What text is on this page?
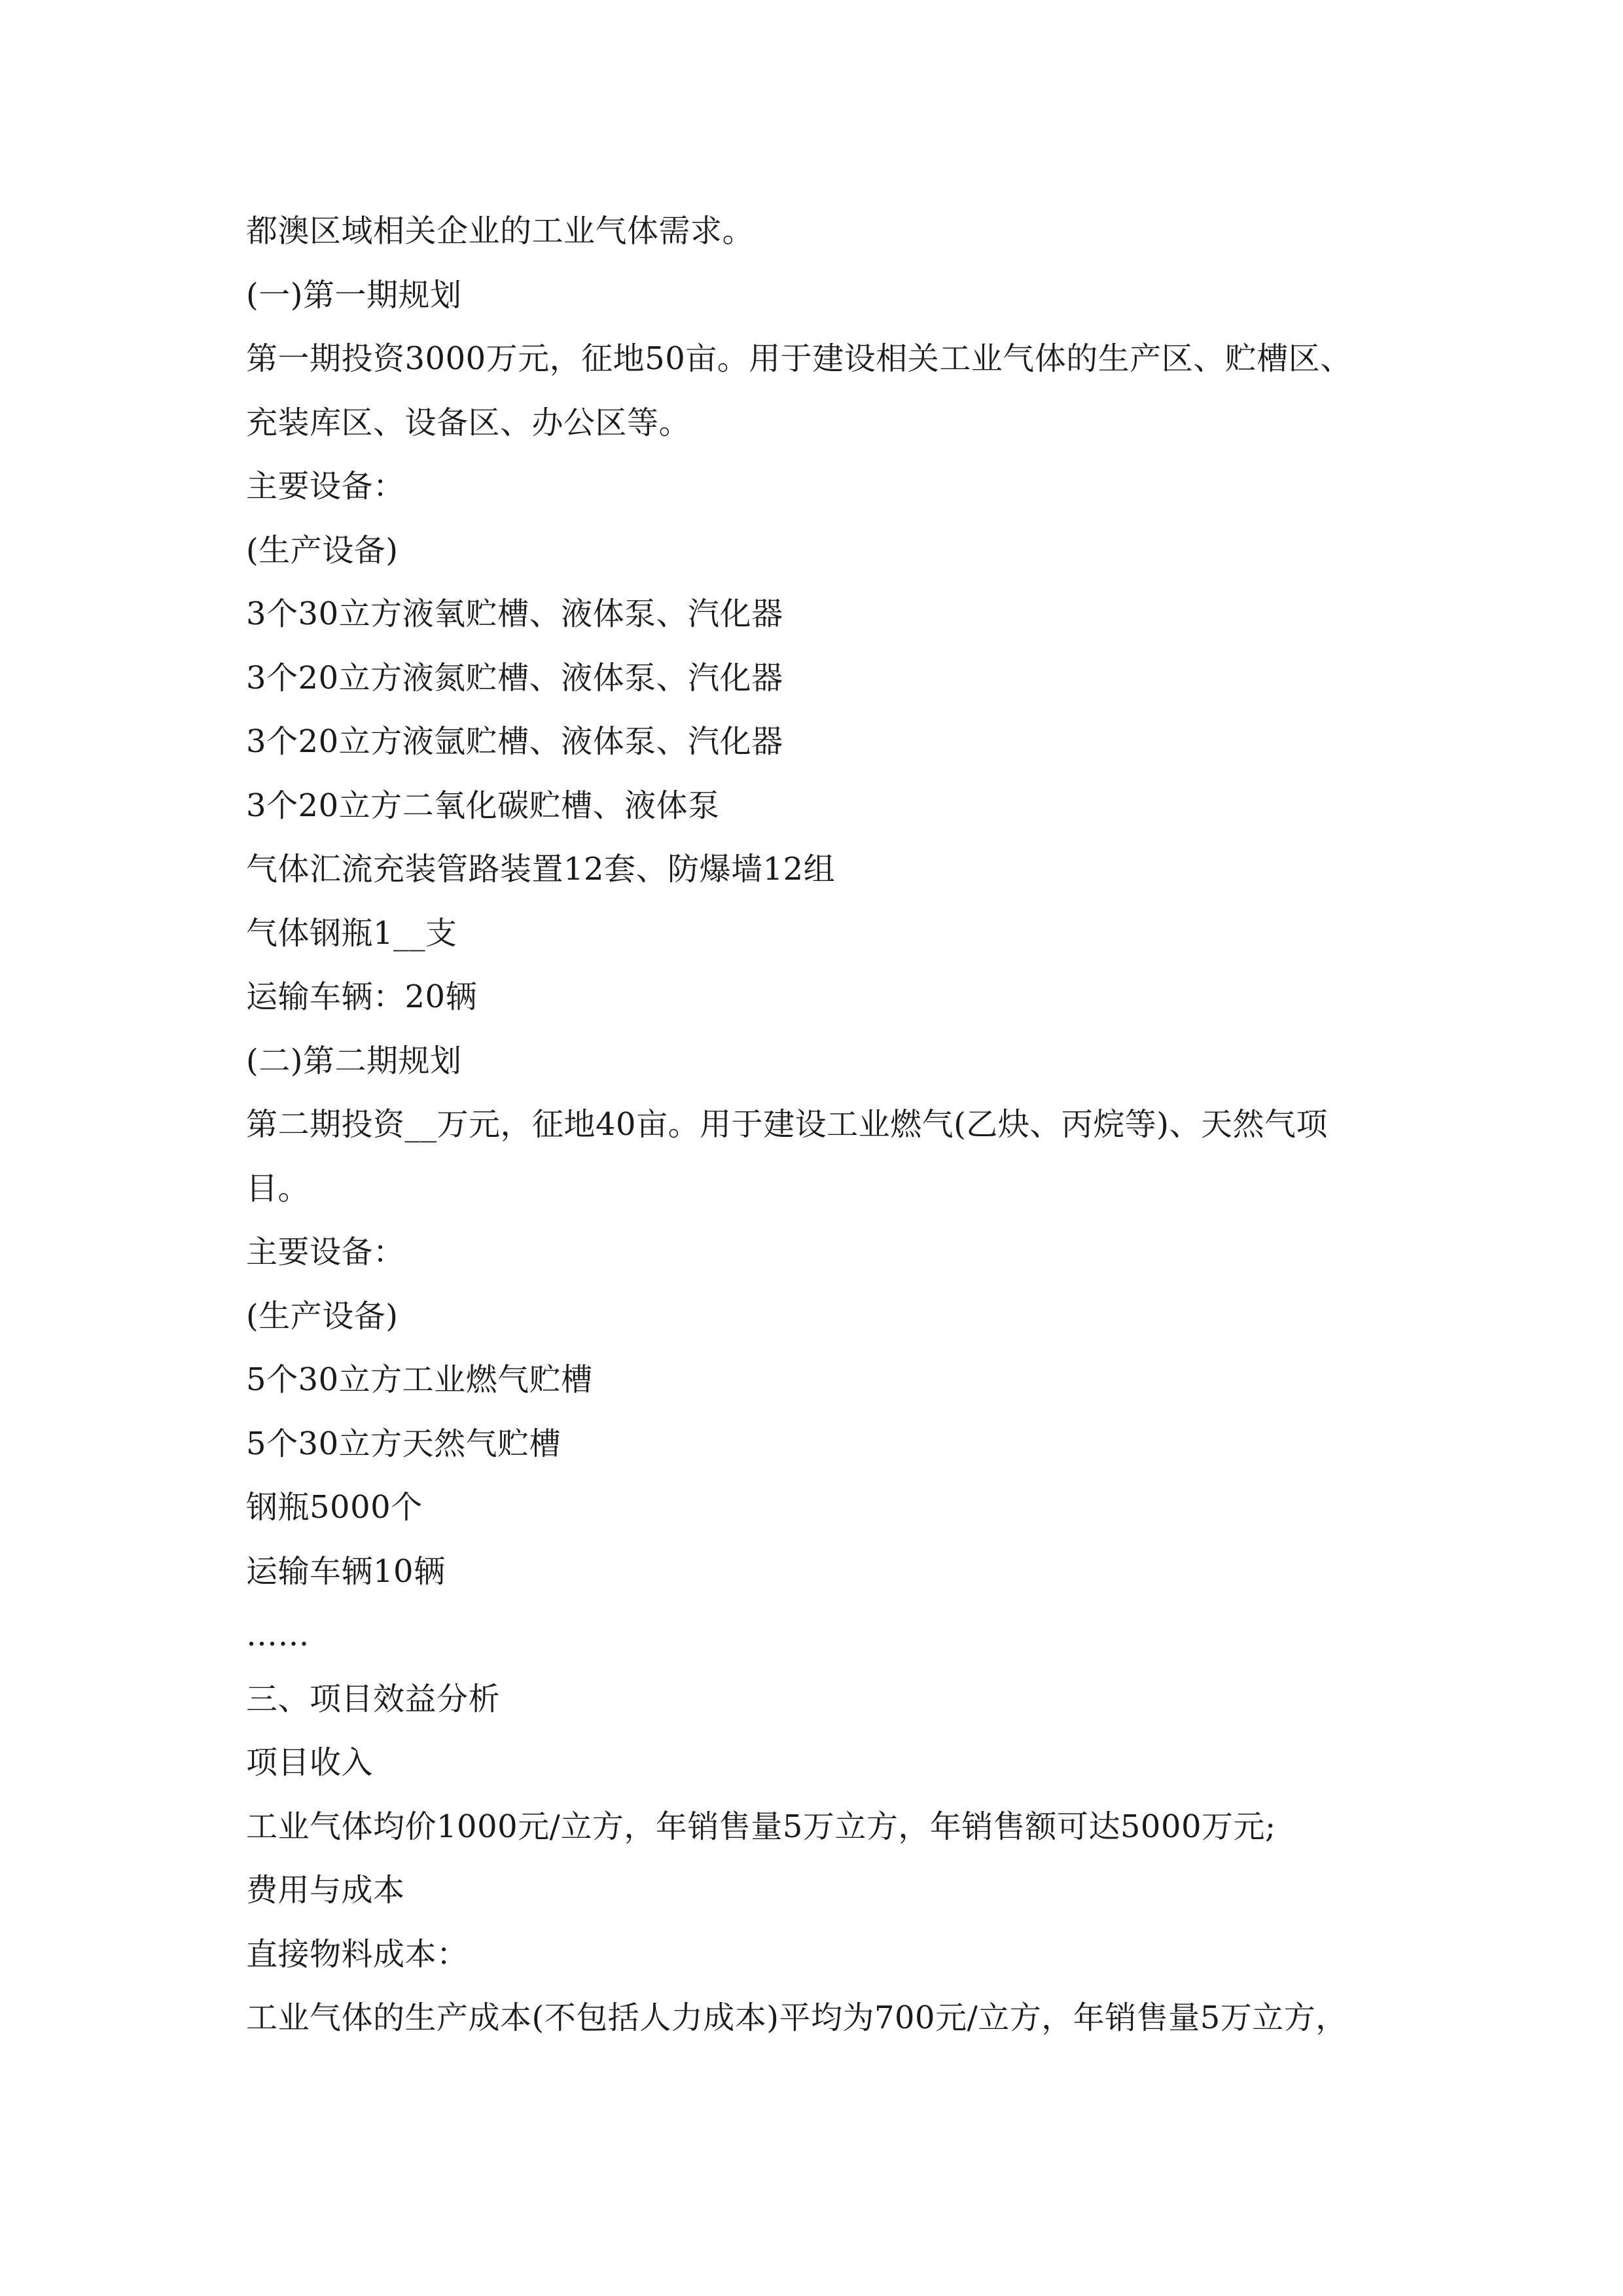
都澳区域相关企业的工业气体需求。
(一)第一期规划
第一期投资3000万元，征地50亩。用于建设相关工业气体的生产区、贮槽区、
充装库区、设备区、办公区等。
主要设备：
(生产设备)
3个30立方液氧贮槽、液体泵、汽化器
3个20立方液氮贮槽、液体泵、汽化器
3个20立方液氩贮槽、液体泵、汽化器
3个20立方二氧化碳贮槽、液体泵
气体汇流充装管路装置12套、防爆墙12组
气体钢瓶1__支
运输车辆：20辆
(二)第二期规划
第二期投资__万元，征地40亩。用于建设工业燃气(乙炔、丙烷等)、天然气项
目。
主要设备：
(生产设备)
5个30立方工业燃气贮槽
5个30立方天然气贮槽
钢瓶5000个
运输车辆10辆
……
三、项目效益分析
项目收入
工业气体均价1000元/立方，年销售量5万立方，年销售额可达5000万元;
费用与成本
直接物料成本：
工业气体的生产成本(不包括人力成本)平均为700元/立方，年销售量5万立方，
